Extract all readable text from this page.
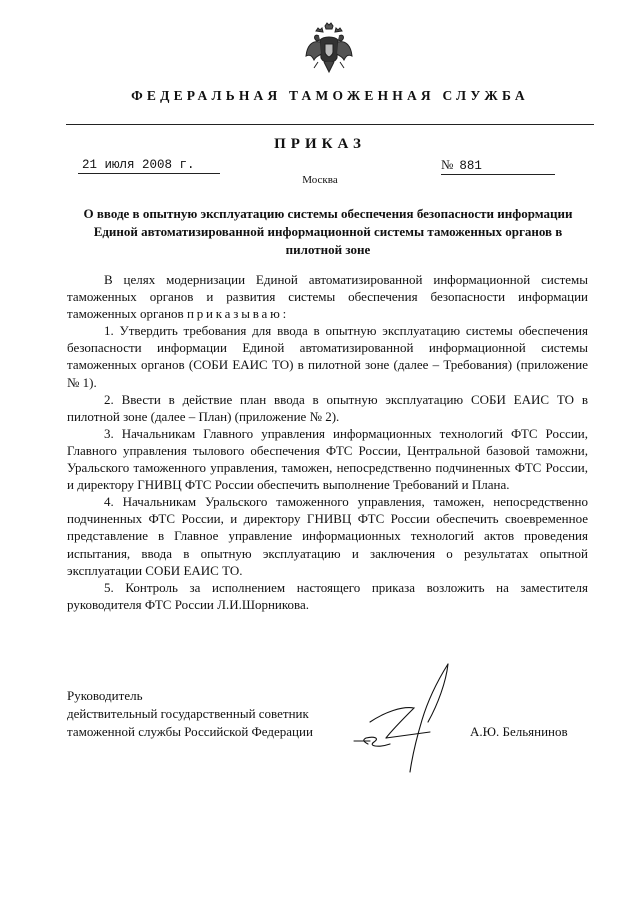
ФЕДЕРАЛЬНАЯ ТАМОЖЕННАЯ СЛУЖБА
ПРИКАЗ
21 июля 2008 г.	№ 881
Москва
О вводе в опытную эксплуатацию системы обеспечения безопасности информации Единой автоматизированной информационной системы таможенных органов в пилотной зоне

В целях модернизации Единой автоматизированной информационной системы таможенных органов и развития системы обеспечения безопасности информации таможенных органов приказываю:

1. Утвердить требования для ввода в опытную эксплуатацию системы обеспечения безопасности информации Единой автоматизированной информационной системы таможенных органов (СОБИ ЕАИС ТО) в пилотной зоне (далее – Требования) (приложение № 1).

2. Ввести в действие план ввода в опытную эксплуатацию СОБИ ЕАИС ТО в пилотной зоне (далее – План) (приложение № 2).

3. Начальникам Главного управления информационных технологий ФТС России, Главного управления тылового обеспечения ФТС России, Центральной базовой таможни, Уральского таможенного управления, таможен, непосредственно подчиненных ФТС России, и директору ГНИВЦ ФТС России обеспечить выполнение Требований и Плана.

4. Начальникам Уральского таможенного управления, таможен, непосредственно подчиненных ФТС России, и директору ГНИВЦ ФТС России обеспечить своевременное представление в Главное управление информационных технологий актов проведения испытания, ввода в опытную эксплуатацию и заключения о результатах опытной эксплуатации СОБИ ЕАИС ТО.

5. Контроль за исполнением настоящего приказа возложить на заместителя руководителя ФТС России Л.И.Шорникова.

Руководитель
действительный государственный советник
таможенной службы Российской Федерации	А.Ю. Бельянинов
